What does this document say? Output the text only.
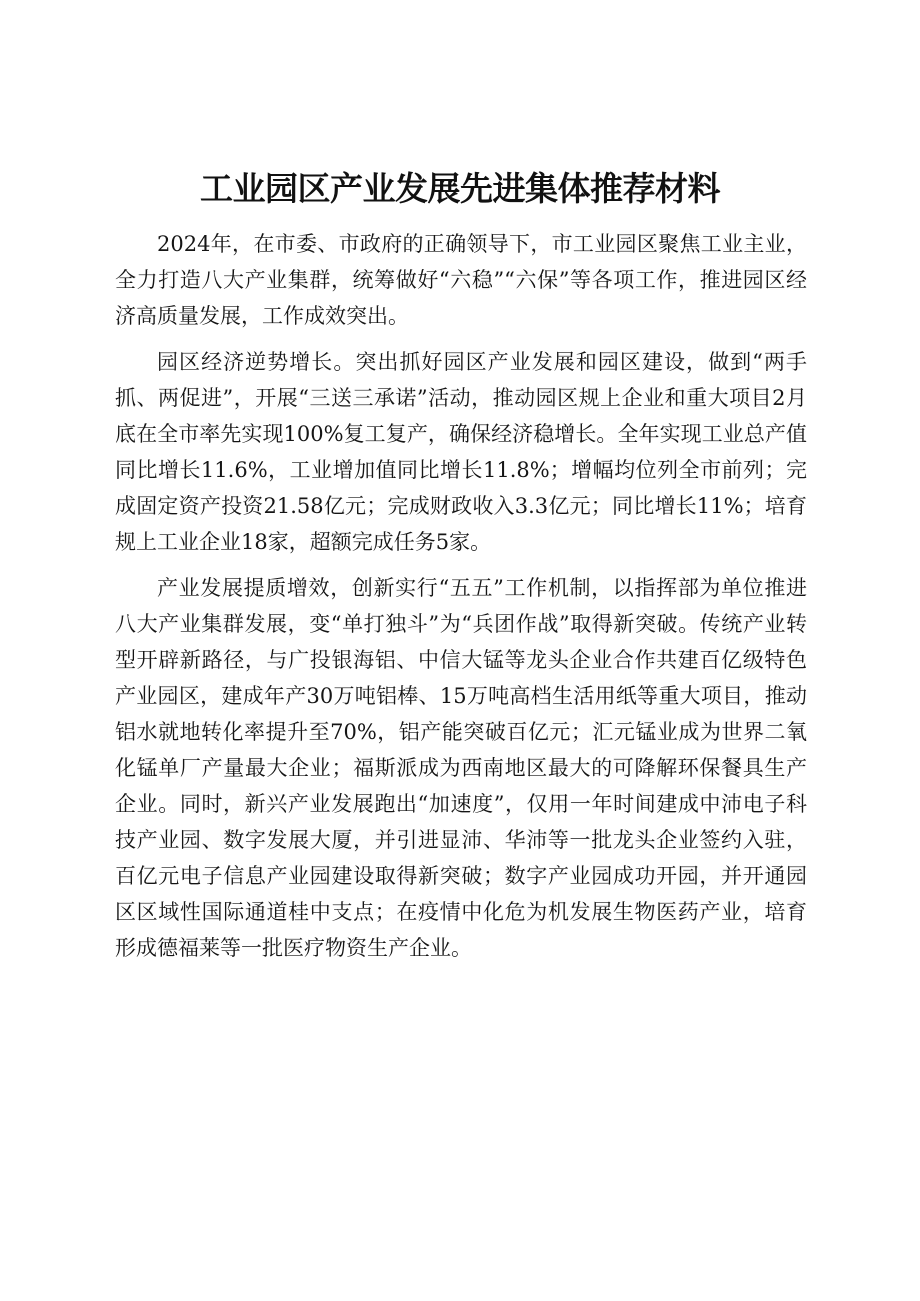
工业园区产业发展先进集体推荐材料

2024年，在市委、市政府的正确领导下，市工业园区聚焦工业主业，全力打造八大产业集群，统筹做好“六稳”“六保”等各项工作，推进园区经济高质量发展，工作成效突出。

园区经济逆势增长。突出抓好园区产业发展和园区建设，做到“两手抓、两促进”，开展“三送三承诺”活动，推动园区规上企业和重大项目2月底在全市率先实现100%复工复产，确保经济稳增长。全年实现工业总产值同比增长11.6%，工业增加值同比增长11.8%；增幅均位列全市前列；完成固定资产投资21.58亿元；完成财政收入3.3亿元；同比增长11%；培育规上工业企业18家，超额完成任务5家。

产业发展提质增效，创新实行“五五”工作机制，以指挥部为单位推进八大产业集群发展，变“单打独斗”为“兵团作战”取得新突破。传统产业转型开辟新路径，与广投银海铝、中信大锰等龙头企业合作共建百亿级特色产业园区，建成年产30万吨铝棒、15万吨高档生活用纸等重大项目，推动铝水就地转化率提升至70%，铝产能突破百亿元；汇元锰业成为世界二氧化锰单厂产量最大企业；福斯派成为西南地区最大的可降解环保餐具生产企业。同时，新兴产业发展跑出“加速度”，仅用一年时间建成中沛电子科技产业园、数字发展大厦，并引进显沛、华沛等一批龙头企业签约入驻，百亿元电子信息产业园建设取得新突破；数字产业园成功开园，并开通园区区域性国际通道桂中支点；在疫情中化危为机发展生物医药产业，培育形成德福莱等一批医疗物资生产企业。
